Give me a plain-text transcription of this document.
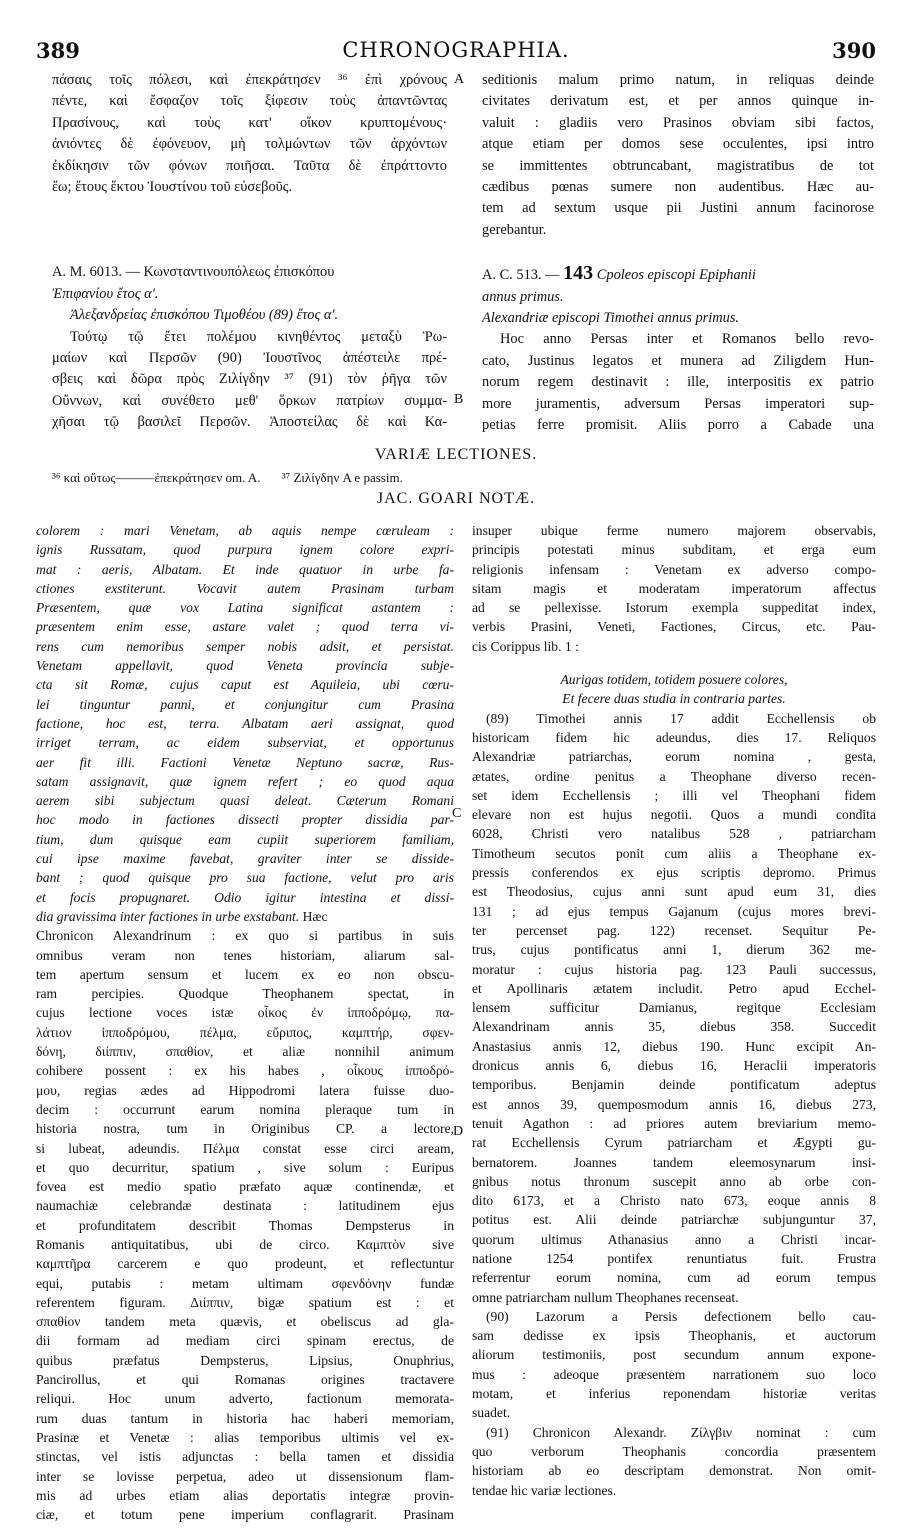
389	CHRONOGRAPHIA.	390
πάσαις τοῖς πόλεσι, καὶ ἐπεκράτησεν ³⁶ ἐπὶ χρόνους
πέντε, καὶ ἔσφαζον τοῖς ξίφεσιν τοὺς ἀπαντῶντας
Πρασίνους, καὶ τοὺς κατ' οἴκον κρυπτομένους·
ἀνιόντες δὲ ἐφόνευον, μὴ τολμώντων τῶν ἀρχόντων
ἐκδίκησιν τῶν φόνων ποιῆσαι. Ταῦτα δὲ ἐπράττοντο
ἕω; ἔτους ἕκτου Ἰουστίνου τοῦ εὐσεβοῦς.
A. M. 6013. — Κωνσταντινουπόλεως ἐπισκόπου
Ἐπιφανίου ἔτος α'.
Ἀλεξανδρείας ἐπισκόπου Τιμοθέου (89) ἔτος α'.
Τούτῳ τῷ ἔτει πολέμου κινηθέντος μεταξὺ Ῥω-
μαίων καὶ Περσῶν (90) Ἰουστῖνος ἀπέστειλε πρέ-
σβεις καὶ δῶρα πρὸς Ζιλίγδην ³⁷ (91) τὸν ῥῆγα τῶν
Οὔννων, καὶ συνέθετο μεθ' ὅρκων πατρίων συμμα-
χῆσαι τῷ βασιλεῖ Περσῶν. Ἀποστείλας δὲ καὶ Κα-
seditionis malum primo natum, in reliquas deinde
civitates derivatum est, et per annos quinque in-
valuit : gladiis vero Prasinos obviam sibi factos,
atque etiam per domos sese occulentes, ipsi intro
se immittentes obtruncabant, magistratibus de tot
cædibus pœnas sumere non audentibus. Hæc au-
tem ad sextum usque pii Justini annum facinorose
gerebantur.
A. C. 513. — 143 Cpoleos episcopi Epiphanii
annus primus.
Alexandriæ episcopi Timothei annus primus.
Hoc anno Persas inter et Romanos bello revo-
cato, Justinus legatos et munera ad Ziligdem Hun-
norum regem destinavit : ille, interpositis ex patrio
more juramentis, adversum Persas imperatori sup-
petias ferre promisit. Aliis porro a Cabade una
A
B
C
D
VARIÆ LECTIONES.
³⁶ καὶ οὕτως———ἐπεκράτησεν om. A. ³⁷ Ζιλίγδην A e passim.
JAC. GOARI NOTÆ.
colorem : mari Venetam, ab aquis nempe cœruleam :
ignis Russatam, quod purpura ignem colore expri-
mat : aeris, Albatam. Et inde quatuor in urbe fa-
ctiones exstiterunt. Vocavit autem Prasinam turbam
Præsentem, quæ vox Latina significat astantem :
præsentem enim esse, astare valet ; quod terra vi-
rens cum nemoribus semper nobis adsit, et persistat.
Venetam appellavit, quod Veneta provincia subje-
cta sit Romæ, cujus caput est Aquileia, ubi cœru-
lei tinguntur panni, et conjungitur cum Prasina
factione, hoc est, terra. Albatam aeri assignat, quod
irriget terram, ac eidem subserviat, et opportunus
aer fit illi. Factioni Venetæ Neptuno sacræ, Rus-
satam assignavit, quæ ignem refert ; eo quod aqua
aerem sibi subjectum quasi deleat. Cæterum Romani
hoc modo in factiones dissecti propter dissidia par-
tium, dum quisque eam cupiit superiorem familiam,
cui ipse maxime favebat, graviter inter se disside-
bant ; quod quisque pro sua factione, velut pro aris
et focis propugnaret. Odio igitur intestina et dissi-
dia gravissima inter factiones in urbe exstabant. Hæc
Chronicon Alexandrinum : ex quo si partibus in suis
omnibus veram non tenes historiam, aliarum sal-
tem apertum sensum et lucem ex eo non obscu-
ram percipies. Quodque Theophanem spectat, in
cujus lectione voces istæ οἶκος ἐν ἱπποδρόμῳ, πα-
λάτιον ἱπποδρόμου, πέλμα, εὔριπος, καμπτήρ, σφεν-
δόνη, διίππιν, σπαθίον, et aliæ nonnihil animum
cohibere possent : ex his habes , οἶκους ἱπποδρό-
μου, regias ædes ad Hippodromi latera fuisse duo-
decim : occurrunt earum nomina pleraque tum in
historia nostra, tum in Originibus CP. a lectore,
si lubeat, adeundis. Πέλμα constat esse circi aream,
et quo decurritur, spatium , sive solum : Euripus
fovea est medio spatio præfato aquæ continendæ, et
naumachiæ celebrandæ destinata : latitudinem ejus
et profunditatem describit Thomas Dempsterus in
Romanis antiquitatibus, ubi de circo. Καμπτὸν sive
καμπτῆρα carcerem e quo prodeunt, et reflectuntur
equi, putabis : metam ultimam σφενδόνην fundæ
referentem figuram. Διίππιν, bigæ spatium est : et
σπαθίον tandem meta quævis, et obeliscus ad gla-
dii formam ad mediam circi spinam erectus, de
quibus præfatus Dempsterus, Lipsius, Onuphrius,
Pancirollus, et qui Romanas origines tractavere
reliqui. Hoc unum adverto, factionum memorata-
rum duas tantum in historia hac haberi memoriam,
Prasinæ et Venetæ : alias temporibus ultimis vel ex-
stinctas, vel istis adjunctas : bella tamen et dissidia
inter se lovisse perpetua, adeo ut dissensionum flam-
mis ad urbes etiam alias deportatis integræ provin-
ciæ, et totum pene imperium conflagrarit. Prasinam
insuper ubique ferme numero majorem observabis,
principis potestati minus subditam, et erga eum
religionis infensam : Venetam ex adverso compo-
sitam magis et moderatam imperatorum affectus
ad se pellexisse. Istorum exempla suppeditat index,
verbis Prasini, Veneti, Factiones, Circus, etc. Pau-
cis Corippus lib. 1 :
Aurigas totidem, totidem posuere colores,
Et fecere duas studia in contraria partes.
(89) Timothei annis 17 addit Ecchellensis ob
historicam fidem hic adeundus, dies 17. Reliquos
Alexandriæ patriarchas, eorum nomina , gesta,
ætates, ordine penitus a Theophane diverso recen-
set idem Ecchellensis ; illi vel Theophani fidem
elevare non est hujus negotii. Quos a mundi condita
6028, Christi vero natalibus 528 , patriarcham
Timotheum secutos ponit cum aliis a Theophane ex-
pressis conferendos ex ejus scriptis depromo. Primus
est Theodosius, cujus anni sunt apud eum 31, dies
131 ; ad ejus tempus Gajanum (cujus mores brevi-
ter percenset pag. 122) recenset. Sequitur Pe-
trus, cujus pontificatus anni 1, dierum 362 me-
moratur : cujus historia pag. 123 Pauli successus,
et Apollinaris ætatem includit. Petro apud Ecchel-
lensem sufficitur Damianus, regitque Ecclesiam
Alexandrinam annis 35, diebus 358. Succedit
Anastasius annis 12, diebus 190. Hunc excipit An-
dronicus annis 6, diebus 16, Heraclii imperatoris
temporibus. Benjamin deinde pontificatum adeptus
est annos 39, quemposmodum annis 16, diebus 273,
tenuit Agathon : ad priores autem breviarium memo-
rat Ecchellensis Cyrum patriarcham et Ægypti gu-
bernatorem. Joannes tandem eleemosynarum insi-
gnibus notus thronum suscepit anno ab orbe con-
dito 6173, et a Christo nato 673, eoque annis 8
potitus est. Alii deinde patriarchæ subjunguntur 37,
quorum ultimus Athanasius anno a Christi incar-
natione 1254 pontifex renuntiatus fuit. Frustra
referrentur eorum nomina, cum ad eorum tempus
omne patriarcham nullum Theophanes recenseat.
(90) Lazorum a Persis defectionem bello cau-
sam dedisse ex ipsis Theophanis, et auctorum
aliorum testimoniis, post secundum annum expone-
mus : adeoque præsentem narrationem suo loco
motam, et inferius reponendam historiæ veritas
suadet.
(91) Chronicon Alexandr. Ζίλγβιν nominat : cum
quo verborum Theophanis concordia præsentem
historiam ab eo descriptam demonstrat. Non omit-
tendae hic variæ lectiones.
